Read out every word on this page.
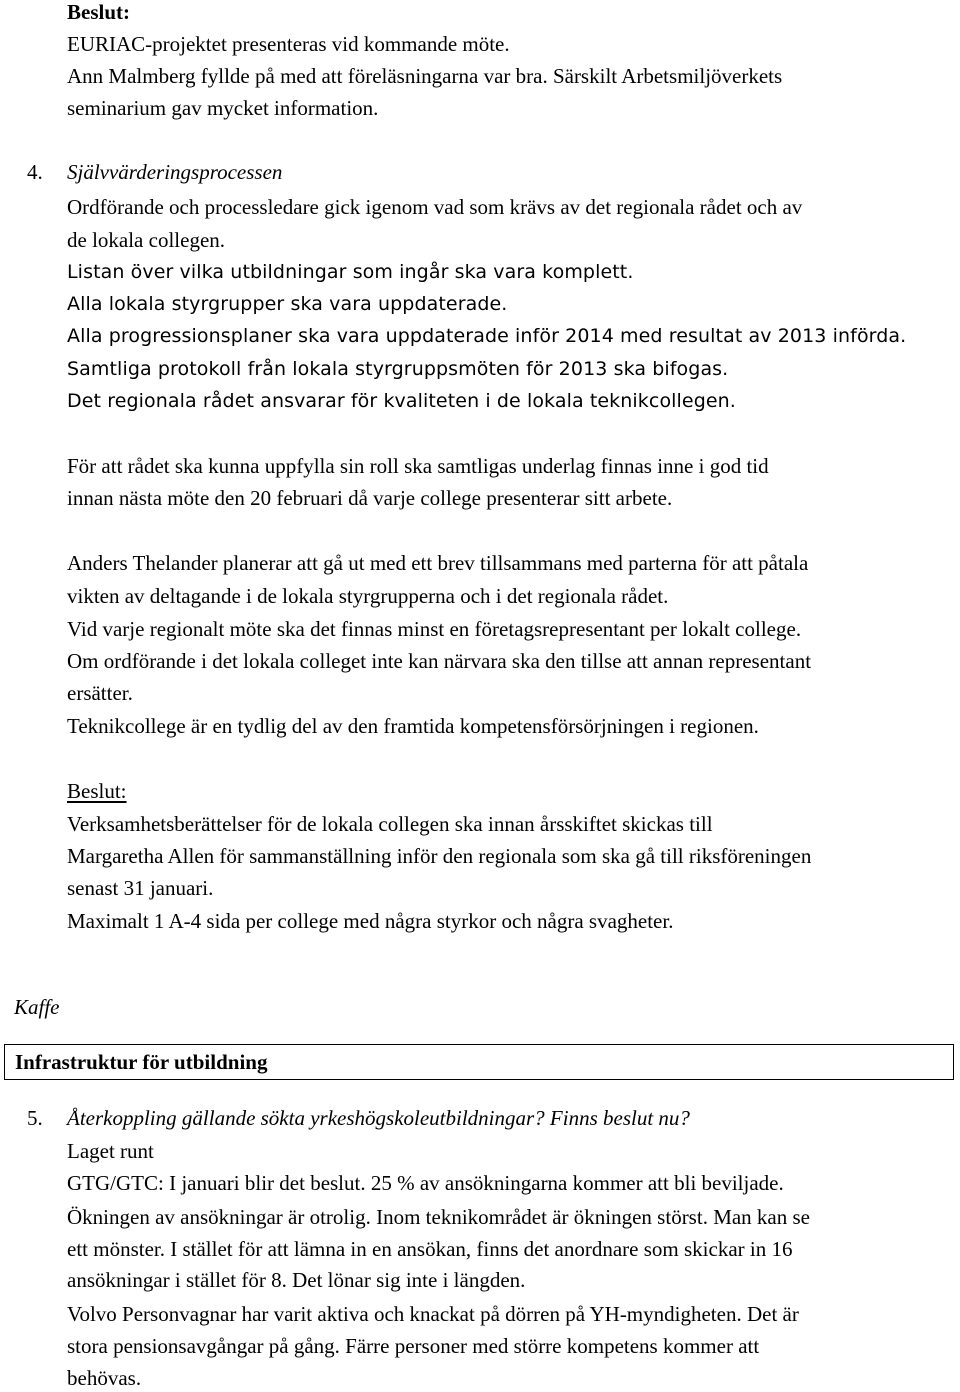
Beslut:
EURIAC-projektet presenteras vid kommande möte.
Ann Malmberg fyllde på med att föreläsningarna var bra. Särskilt Arbetsmiljöverkets
seminarium gav mycket information.
4. Självvärderingsprocessen
Ordförande och processledare gick igenom vad som krävs av det regionala rådet och av
de lokala collegen.
Listan över vilka utbildningar som ingår ska vara komplett.
Alla lokala styrgrupper ska vara uppdaterade.
Alla progressionsplaner ska vara uppdaterade inför 2014 med resultat av 2013 införda.
Samtliga protokoll från lokala styrgruppsmöten för 2013 ska bifogas.
Det regionala rådet ansvarar för kvaliteten i de lokala teknikcollegen.
För att rådet ska kunna uppfylla sin roll ska samtligas underlag finnas inne i god tid
innan nästa möte den 20 februari då varje college presenterar sitt arbete.
Anders Thelander planerar att gå ut med ett brev tillsammans med parterna för att påtala
vikten av deltagande i de lokala styrgrupperna och i det regionala rådet.
Vid varje regionalt möte ska det finnas minst en företagsrepresentant per lokalt college.
Om ordförande i det lokala colleget inte kan närvara ska den tillse att annan representant
ersätter.
Teknikcollege är en tydlig del av den framtida kompetensförsörjningen i regionen.
Beslut:
Verksamhetsberättelser för de lokala collegen ska innan årsskiftet skickas till
Margaretha Allen för sammanställning inför den regionala som ska gå till riksföreningen
senast 31 januari.
Maximalt 1 A-4 sida per college med några styrkor och några svagheter.
Kaffe
Infrastruktur för utbildning
5. Återkoppling gällande sökta yrkeshögskoleutbildningar? Finns beslut nu?
Laget runt
GTG/GTC: I januari blir det beslut. 25 % av ansökningarna kommer att bli beviljade.
Ökningen av ansökningar är otrolig. Inom teknikområdet är ökningen störst. Man kan se
ett mönster. I stället för att lämna in en ansökan, finns det anordnare som skickar in 16
ansökningar i stället för 8. Det lönar sig inte i längden.
Volvo Personvagnar har varit aktiva och knackat på dörren på YH-myndigheten. Det är
stora pensionsavgångar på gång. Färre personer med större kompetens kommer att
behövas.
